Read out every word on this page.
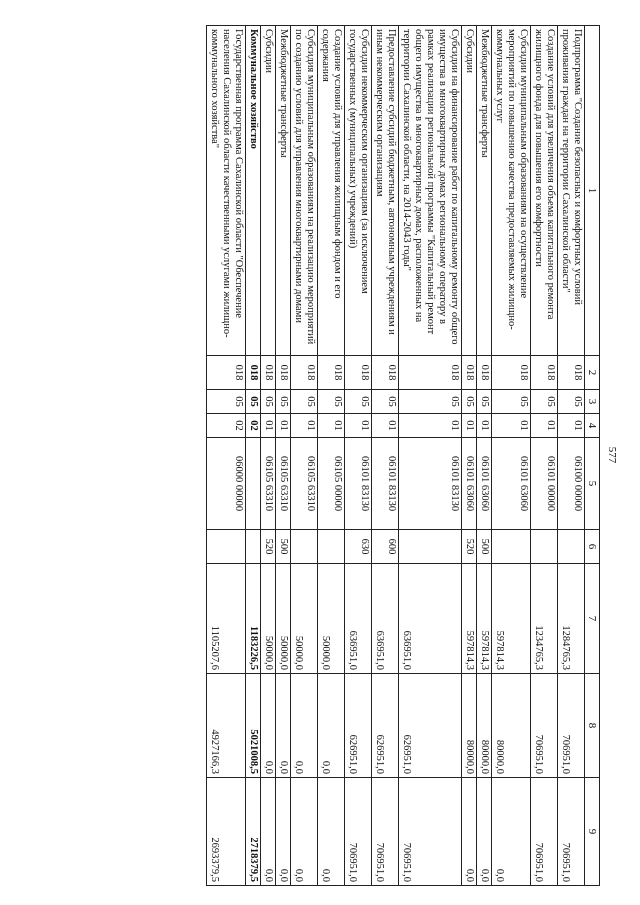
577
1	2	3	4	5	6	7	8	9
Подпрограмма "Создание безопасных и комфортных условий проживания граждан на территории Сахалинской области"	018	05	01	06100 00000		1284765,3	706951,0	706951,0
Создание условий для увеличения объема капитального ремонта жилищного фонда для повышения его комфортности	018	05	01	06101 00000		1234765,3	706951,0	706951,0
Субсидии муниципальным образованиям на осуществление мероприятий по повышению качества предоставляемых жилищно-коммунальных услуг	018	05	01	06101 63060		597814,3	80000,0	0,0
Межбюджетные трансферты	018	05	01	06101 63060	500	597814,3	80000,0	0,0
Субсидии	018	05	01	06101 63060	520	597814,3	80000,0	0,0
Субсидии на финансирование работ по капитальному ремонту общего имущества в многоквартирных домах региональному оператору в рамках реализации региональной программы "Капитальный ремонт общего имущества в многоквартирных домах, расположенных на территории Сахалинской области, на 2014-2043 годы"	018	05	01	06101 83130		636951,0	626951,0	706951,0
Предоставление субсидий бюджетным, автономным учреждениям и иным некоммерческим организациям	018	05	01	06101 83130	600	636951,0	626951,0	706951,0
Субсидии некоммерческим организациям (за исключением государственных (муниципальных) учреждений)	018	05	01	06101 83130	630	636951,0	626951,0	706951,0
Создание условий для управления жилищным фондом и его содержания	018	05	01	06105 00000		50000,0	0,0	0,0
Субсидия муниципальным образованиям на реализацию мероприятий по созданию условий для управления многоквартирными домами	018	05	01	06105 63310		50000,0	0,0	0,0
Межбюджетные трансферты	018	05	01	06105 63310	500	50000,0	0,0	0,0
Субсидии	018	05	01	06105 63310	520	50000,0	0,0	0,0
Коммунальное хозяйство	018	05	02			1183226,5	5021008,5	2718379,5
Государственная программа Сахалинской области "Обеспечение населения Сахалинской области качественными услугами жилищно-коммунального хозяйства"	018	05	02	06000 00000		1105207,6	4927166,3	2693379,5
